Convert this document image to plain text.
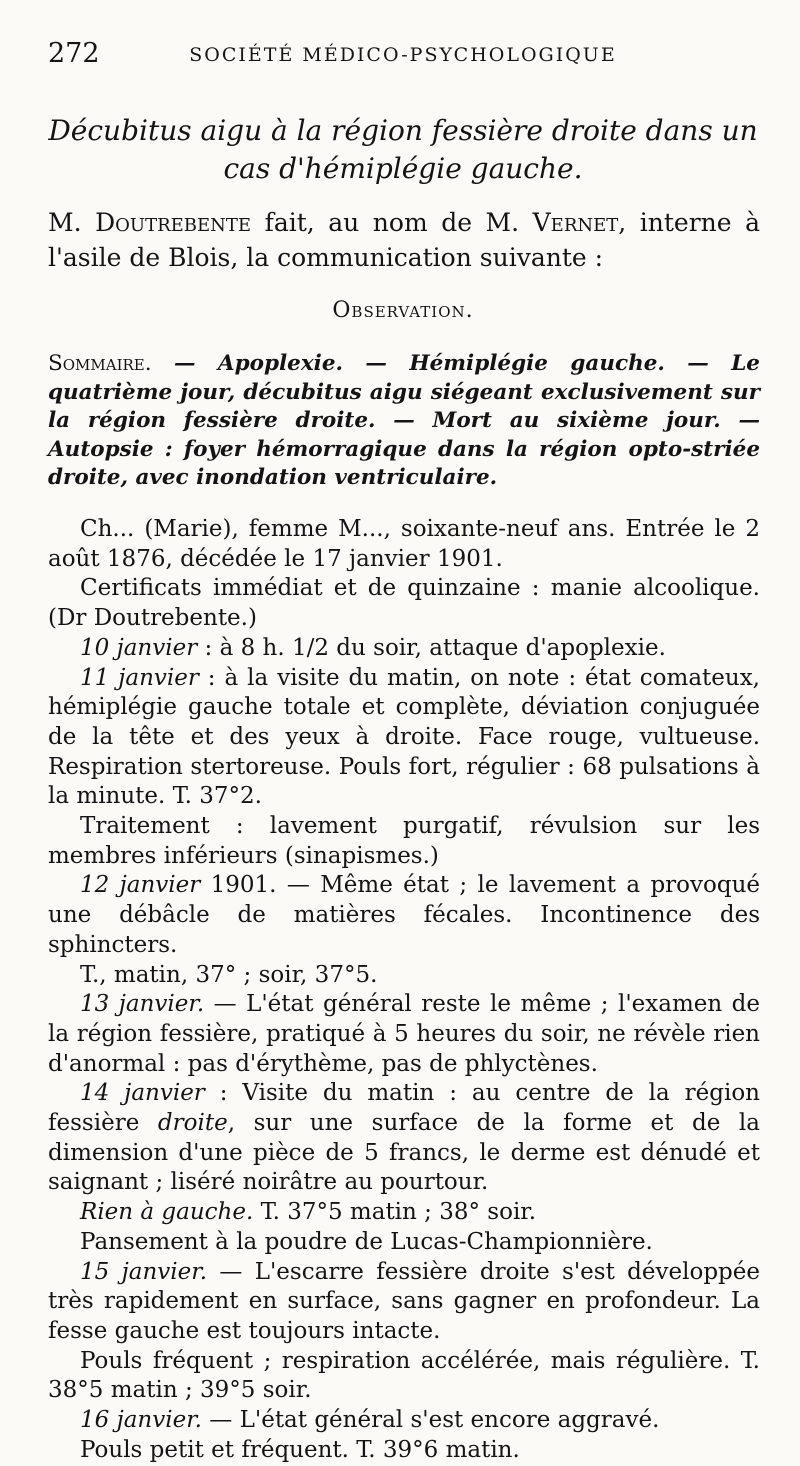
272	SOCIÉTÉ MÉDICO-PSYCHOLOGIQUE
Décubitus aigu à la région fessière droite dans un
cas d'hémiplégie gauche.
M. Doutrebente fait, au nom de M. Vernet, interne à l'asile de Blois, la communication suivante :
Observation.
Sommaire. — Apoplexie. — Hémiplégie gauche. — Le quatrième jour, décubitus aigu siégeant exclusivement sur la région fessière droite. — Mort au sixième jour. — Autopsie : foyer hémorragique dans la région opto-striée droite, avec inondation ventriculaire.

Ch... (Marie), femme M..., soixante-neuf ans. Entrée le 2 août 1876, décédée le 17 janvier 1901.

Certificats immédiat et de quinzaine : manie alcoolique. (Dr Doutrebente.)

10 janvier : à 8 h. 1/2 du soir, attaque d'apoplexie.

11 janvier : à la visite du matin, on note : état comateux, hémiplégie gauche totale et complète, déviation conjuguée de la tête et des yeux à droite. Face rouge, vultueuse. Respiration stertoreuse. Pouls fort, régulier : 68 pulsations à la minute. T. 37°2.

Traitement : lavement purgatif, révulsion sur les membres inférieurs (sinapismes.)

12 janvier 1901. — Même état ; le lavement a provoqué une débâcle de matières fécales. Incontinence des sphincters.

T., matin, 37° ; soir, 37°5.

13 janvier. — L'état général reste le même ; l'examen de la région fessière, pratiqué à 5 heures du soir, ne révèle rien d'anormal : pas d'érythème, pas de phlyctènes.

14 janvier : Visite du matin : au centre de la région fessière droite, sur une surface de la forme et de la dimension d'une pièce de 5 francs, le derme est dénudé et saignant ; liséré noirâtre au pourtour.

Rien à gauche. T. 37°5 matin ; 38° soir.

Pansement à la poudre de Lucas-Championnière.

15 janvier. — L'escarre fessière droite s'est développée très rapidement en surface, sans gagner en profondeur. La fesse gauche est toujours intacte.

Pouls fréquent ; respiration accélérée, mais régulière. T. 38°5 matin ; 39°5 soir.

16 janvier. — L'état général s'est encore aggravé.

Pouls petit et fréquent. T. 39°6 matin.
